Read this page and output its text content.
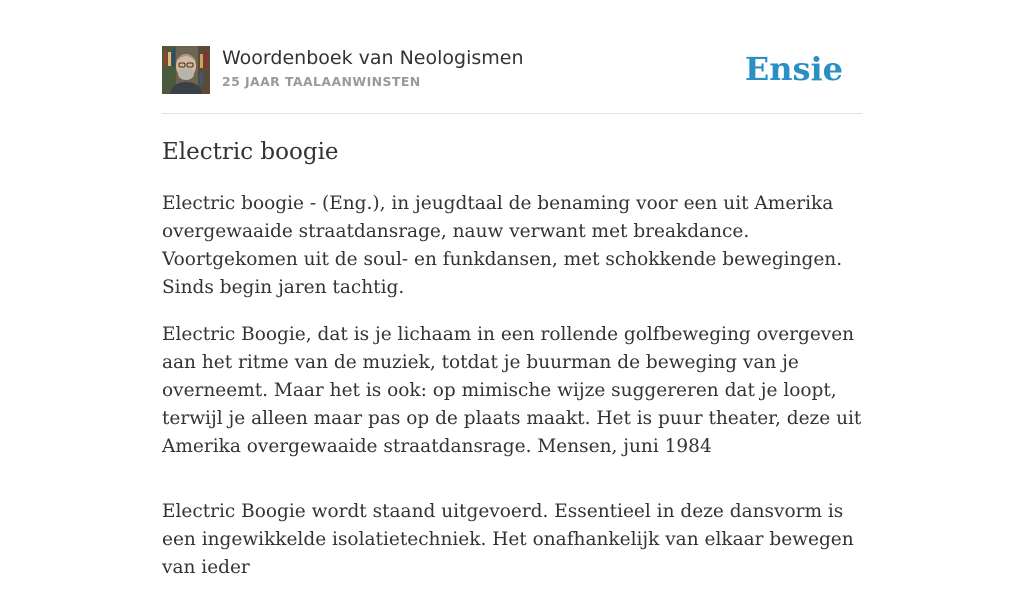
Woordenboek van Neologismen
25 JAAR TAALAANWINSTEN	Ensie
Electric boogie

Electric boogie - (Eng.), in jeugdtaal de benaming voor een uit Amerika overgewaaide straatdansrage, nauw verwant met breakdance. Voortgekomen uit de soul- en funkdansen, met schokkende bewegingen. Sinds begin jaren tachtig.

Electric Boogie, dat is je lichaam in een rollende golfbeweging overgeven aan het ritme van de muziek, totdat je buurman de beweging van je overneemt. Maar het is ook: op mimische wijze suggereren dat je loopt, terwijl je alleen maar pas op de plaats maakt. Het is puur theater, deze uit Amerika overgewaaide straatdansrage. Mensen, juni 1984

Electric Boogie wordt staand uitgevoerd. Essentieel in deze dansvorm is een ingewikkelde isolatietechniek. Het onafhankelijk van elkaar bewegen van ieder
